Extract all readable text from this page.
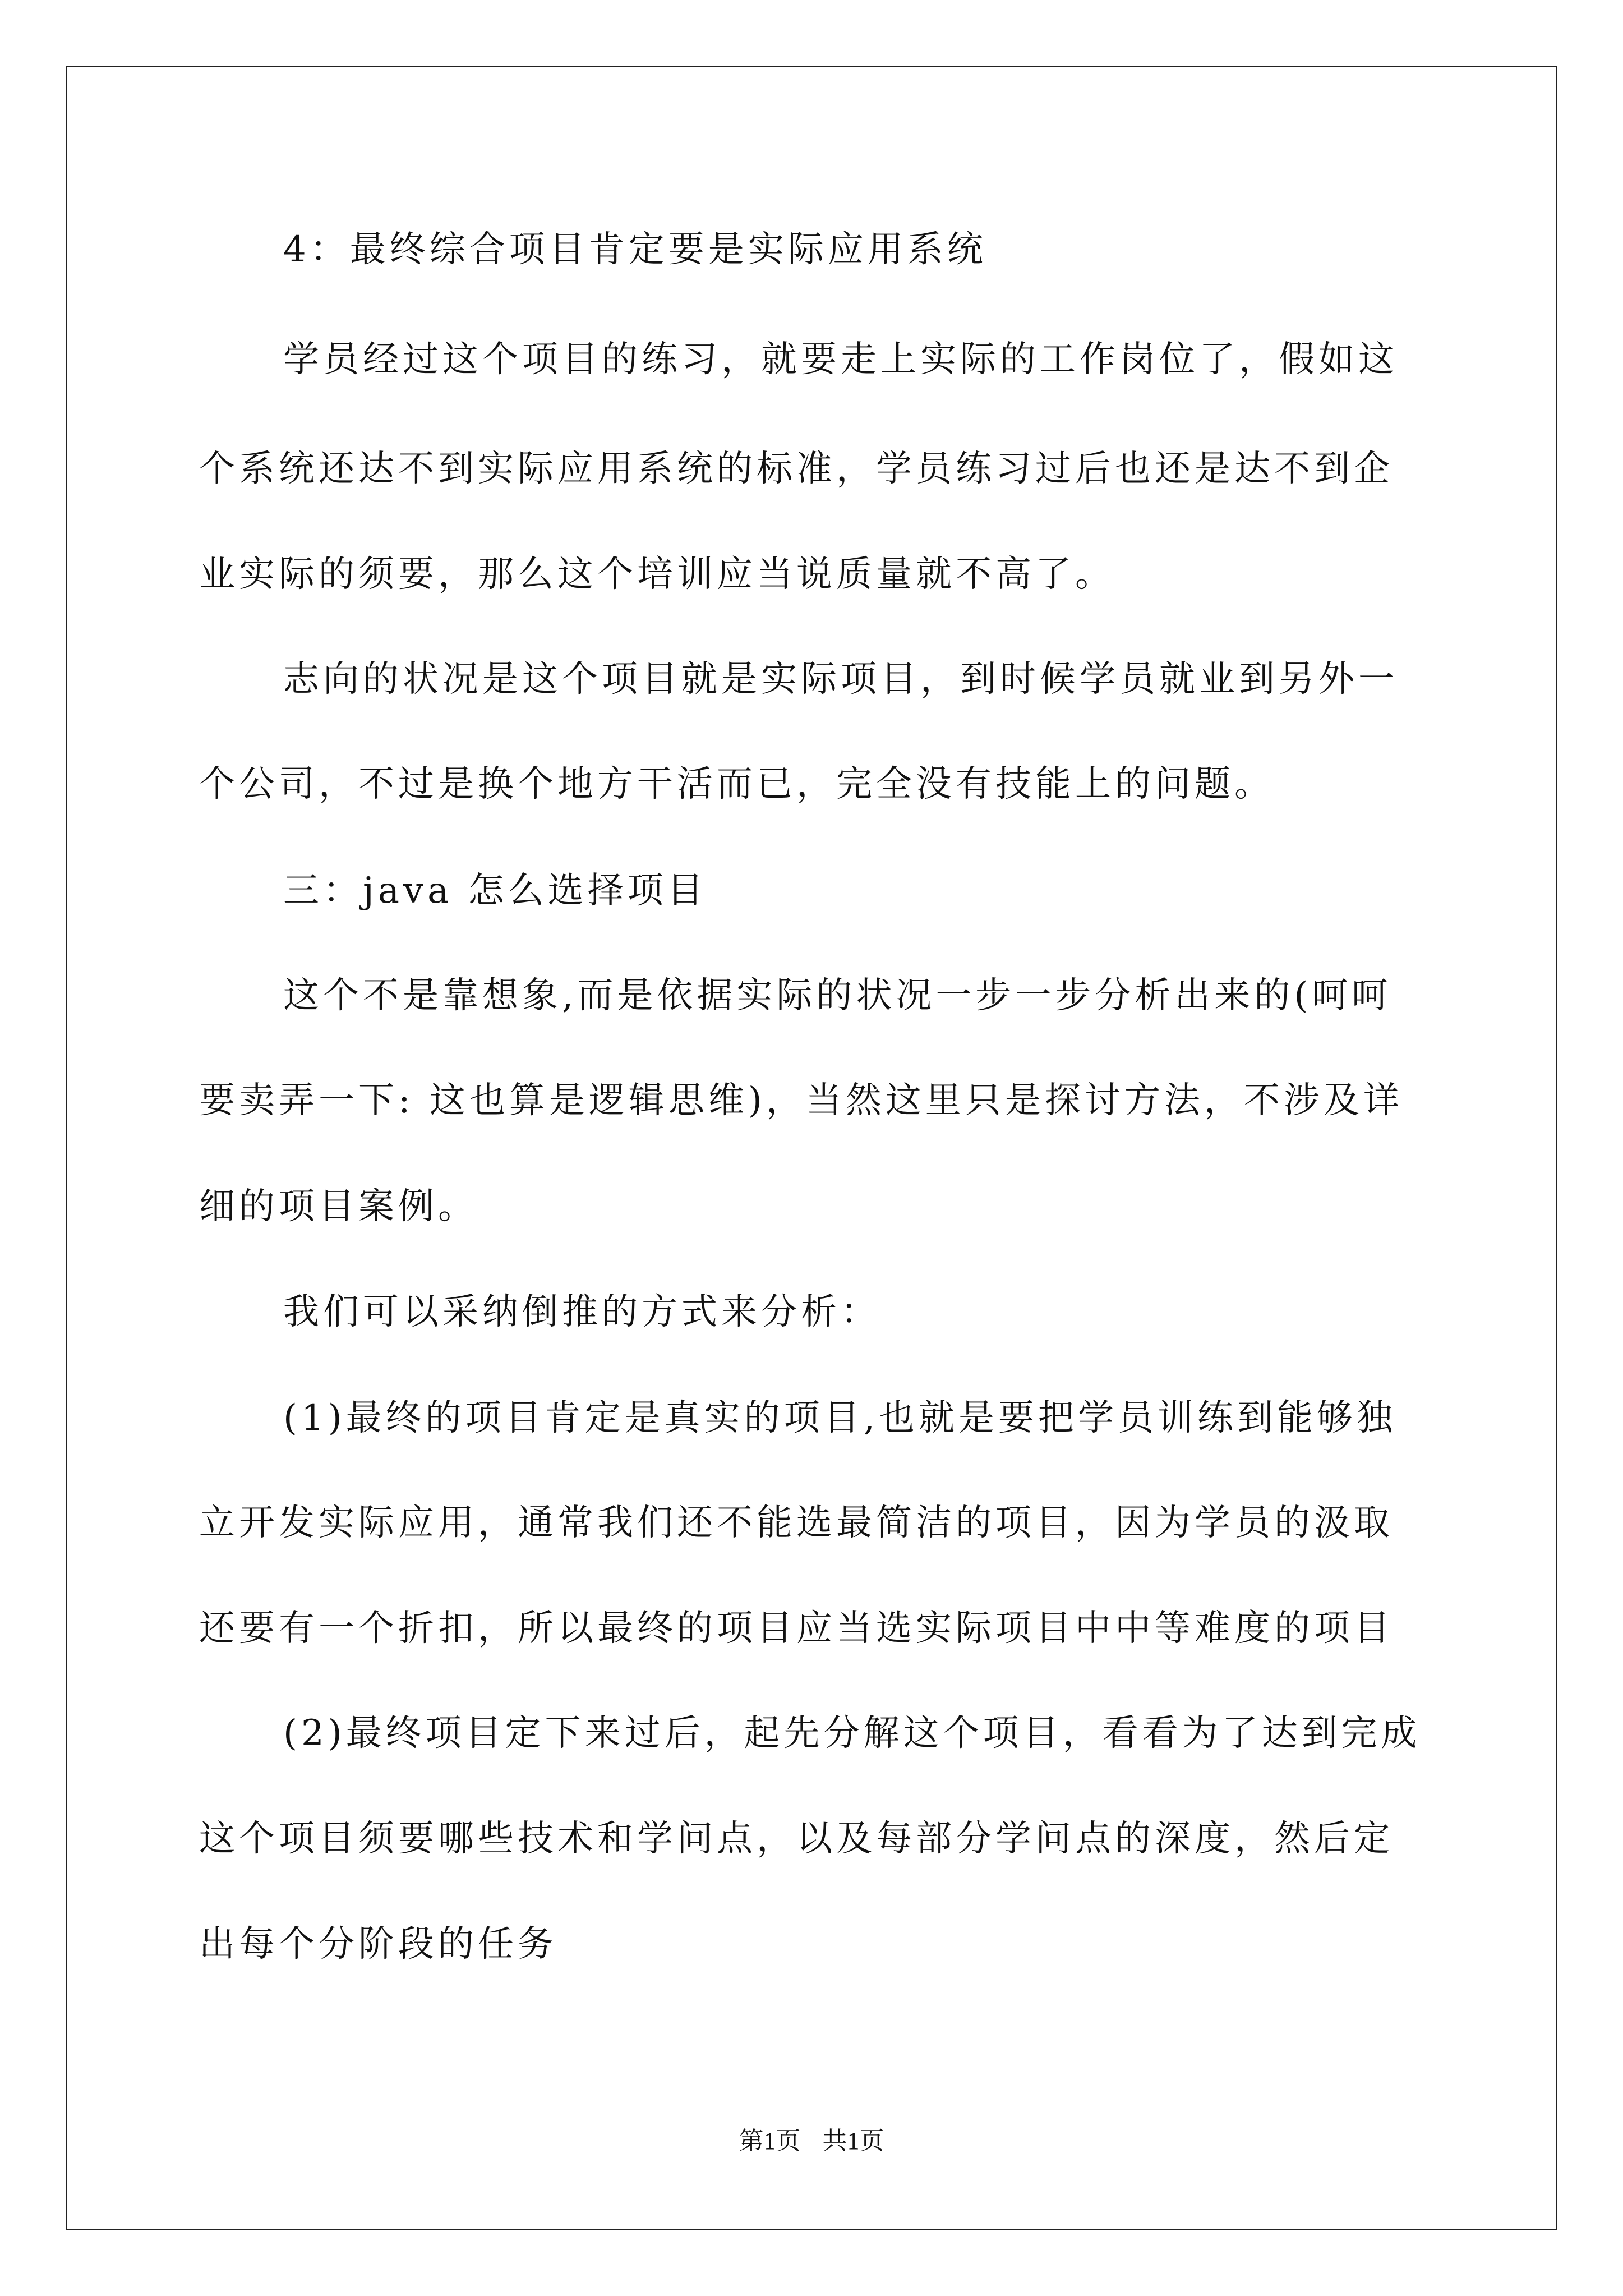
4：最终综合项目肯定要是实际应用系统
学员经过这个项目的练习，就要走上实际的工作岗位了，假如这
个系统还达不到实际应用系统的标准，学员练习过后也还是达不到企
业实际的须要，那么这个培训应当说质量就不高了。
志向的状况是这个项目就是实际项目，到时候学员就业到另外一
个公司，不过是换个地方干活而已，完全没有技能上的问题。
三：java 怎么选择项目
这个不是靠想象,而是依据实际的状况一步一步分析出来的(呵呵
要卖弄一下: 这也算是逻辑思维)，当然这里只是探讨方法，不涉及详
细的项目案例。
我们可以采纳倒推的方式来分析：
(1)最终的项目肯定是真实的项目,也就是要把学员训练到能够独
立开发实际应用，通常我们还不能选最简洁的项目，因为学员的汲取
还要有一个折扣，所以最终的项目应当选实际项目中中等难度的项目
(2)最终项目定下来过后，起先分解这个项目，看看为了达到完成
这个项目须要哪些技术和学问点，以及每部分学问点的深度，然后定
出每个分阶段的任务
第1页 共1页
